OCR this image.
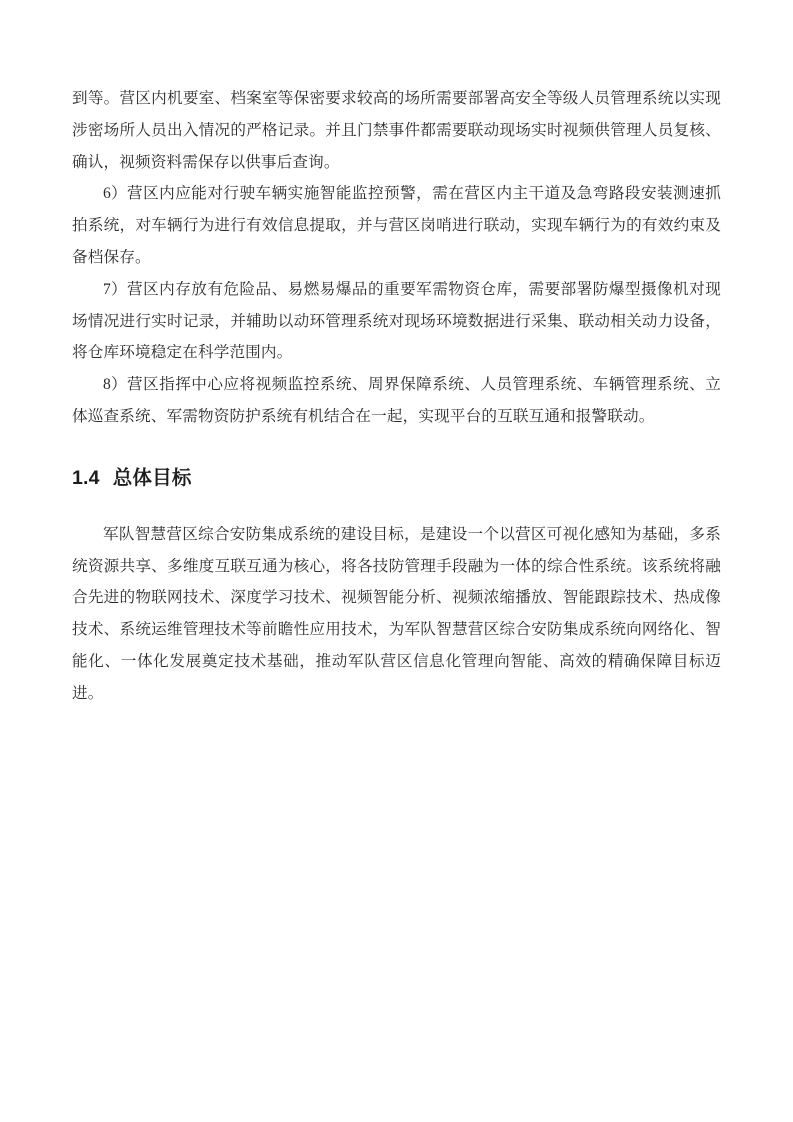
到等。营区内机要室、档案室等保密要求较高的场所需要部署高安全等级人员管理系统以实现涉密场所人员出入情况的严格记录。并且门禁事件都需要联动现场实时视频供管理人员复核、确认，视频资料需保存以供事后查询。

6）营区内应能对行驶车辆实施智能监控预警，需在营区内主干道及急弯路段安装测速抓拍系统，对车辆行为进行有效信息提取，并与营区岗哨进行联动，实现车辆行为的有效约束及备档保存。

7）营区内存放有危险品、易燃易爆品的重要军需物资仓库，需要部署防爆型摄像机对现场情况进行实时记录，并辅助以动环管理系统对现场环境数据进行采集、联动相关动力设备，将仓库环境稳定在科学范围内。

8）营区指挥中心应将视频监控系统、周界保障系统、人员管理系统、车辆管理系统、立体巡查系统、军需物资防护系统有机结合在一起，实现平台的互联互通和报警联动。

1.4 总体目标

军队智慧营区综合安防集成系统的建设目标，是建设一个以营区可视化感知为基础，多系统资源共享、多维度互联互通为核心，将各技防管理手段融为一体的综合性系统。该系统将融合先进的物联网技术、深度学习技术、视频智能分析、视频浓缩播放、智能跟踪技术、热成像技术、系统运维管理技术等前瞻性应用技术，为军队智慧营区综合安防集成系统向网络化、智能化、一体化发展奠定技术基础，推动军队营区信息化管理向智能、高效的精确保障目标迈进。
